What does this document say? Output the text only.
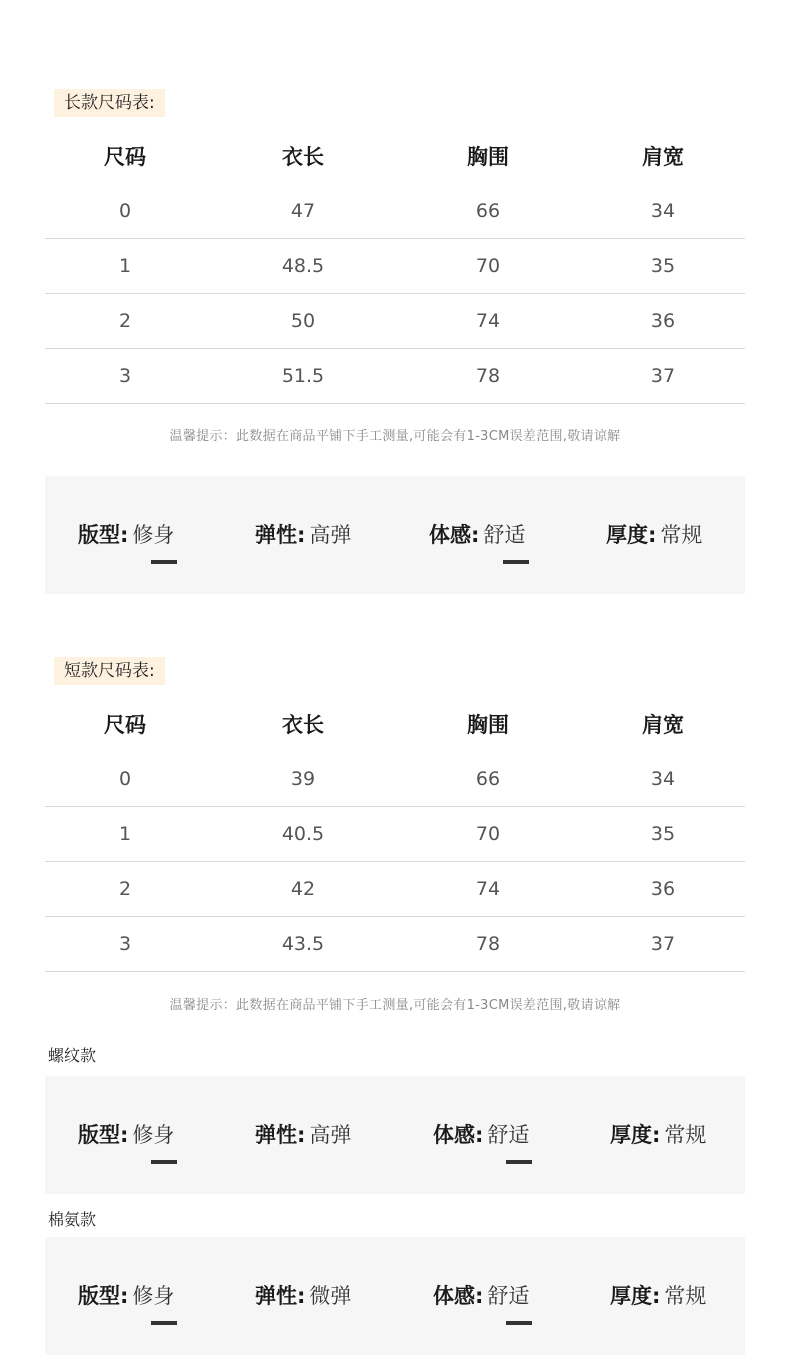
长款尺码表:
尺码	衣长	胸围	肩宽
0	47	66	34
1	48.5	70	35
2	50	74	36
3	51.5	78	37
温馨提示：此数据在商品平铺下手工测量,可能会有1-3CM误差范围,敬请谅解
版型: 修身	弹性: 高弹	体感: 舒适	厚度: 常规
短款尺码表:
尺码	衣长	胸围	肩宽
0	39	66	34
1	40.5	70	35
2	42	74	36
3	43.5	78	37
温馨提示：此数据在商品平铺下手工测量,可能会有1-3CM误差范围,敬请谅解
螺纹款
版型: 修身	弹性: 高弹	体感: 舒适	厚度: 常规
棉氨款
版型: 修身	弹性: 微弹	体感: 舒适	厚度: 常规
